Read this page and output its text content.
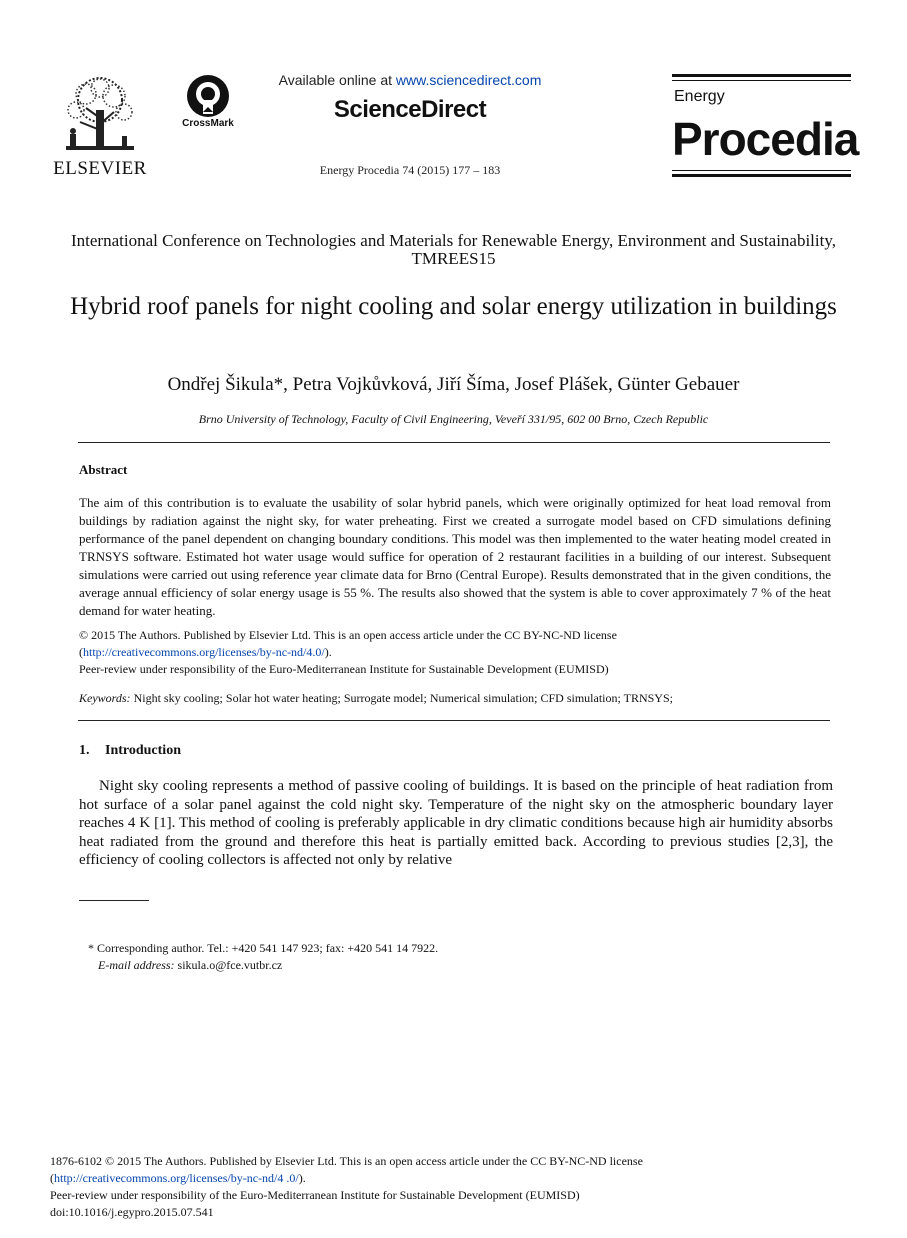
ELSEVIER
CrossMark
Available online at www.sciencedirect.com
ScienceDirect
Energy Procedia 74 (2015) 177 – 183
Energy
Procedia
International Conference on Technologies and Materials for Renewable Energy, Environment and Sustainability, TMREES15
Hybrid roof panels for night cooling and solar energy utilization in buildings
Ondřej Šikula*, Petra Vojkůvková, Jiří Šíma, Josef Plášek, Günter Gebauer
Brno University of Technology, Faculty of Civil Engineering, Veveří 331/95, 602 00 Brno, Czech Republic
Abstract
The aim of this contribution is to evaluate the usability of solar hybrid panels, which were originally optimized for heat load removal from buildings by radiation against the night sky, for water preheating. First we created a surrogate model based on CFD simulations defining performance of the panel dependent on changing boundary conditions. This model was then implemented to the water heating model created in TRNSYS software. Estimated hot water usage would suffice for operation of 2 restaurant facilities in a building of our interest. Subsequent simulations were carried out using reference year climate data for Brno (Central Europe). Results demonstrated that in the given conditions, the average annual efficiency of solar energy usage is 55 %. The results also showed that the system is able to cover approximately 7 % of the heat demand for water heating.
© 2015 The Authors. Published by Elsevier Ltd. This is an open access article under the CC BY-NC-ND license
(http://creativecommons.org/licenses/by-nc-nd/4.0/).
Peer-review under responsibility of the Euro-Mediterranean Institute for Sustainable Development (EUMISD)
Keywords: Night sky cooling; Solar hot water heating; Surrogate model; Numerical simulation; CFD simulation; TRNSYS;
1. Introduction
Night sky cooling represents a method of passive cooling of buildings. It is based on the principle of heat radiation from hot surface of a solar panel against the cold night sky. Temperature of the night sky on the atmospheric boundary layer reaches 4 K [1]. This method of cooling is preferably applicable in dry climatic conditions because high air humidity absorbs heat radiated from the ground and therefore this heat is partially emitted back. According to previous studies [2,3], the efficiency of cooling collectors is affected not only by relative
* Corresponding author. Tel.: +420 541 147 923; fax: +420 541 14 7922.
E-mail address: sikula.o@fce.vutbr.cz
1876-6102 © 2015 The Authors. Published by Elsevier Ltd. This is an open access article under the CC BY-NC-ND license
(http://creativecommons.org/licenses/by-nc-nd/4 .0/).
Peer-review under responsibility of the Euro-Mediterranean Institute for Sustainable Development (EUMISD)
doi:10.1016/j.egypro.2015.07.541
